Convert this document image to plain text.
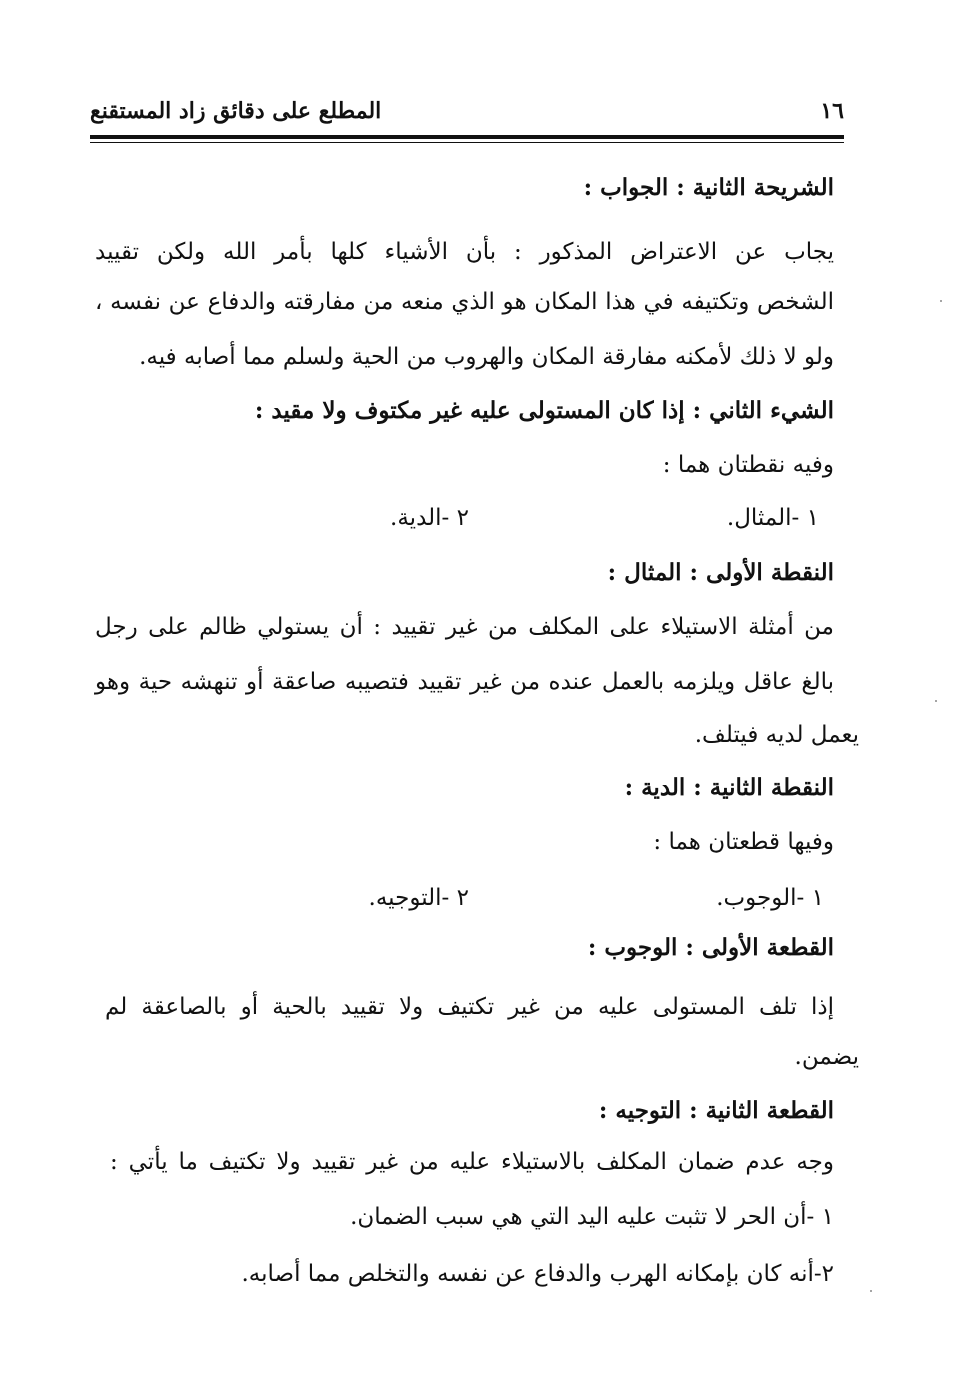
١٦
المطلع على دقائق زاد المستقنع
الشريحة الثانية : الجواب :
يجاب عن الاعتراض المذكور : بأن الأشياء كلها بأمر الله ولكن تقييد
الشخص وتكتيفه في هذا المكان هو الذي منعه من مفارقته والدفاع عن نفسه ،
ولو لا ذلك لأمكنه مفارقة المكان والهروب من الحية ولسلم مما أصابه فيه.
الشيء الثاني : إذا كان المستولى عليه غير مكتوف ولا مقيد :
وفيه نقطتان هما :
١ -المثال.
٢ -الدية.
النقطة الأولى : المثال :
من أمثلة الاستيلاء على المكلف من غير تقييد : أن يستولي ظالم على رجل
بالغ عاقل ويلزمه بالعمل عنده من غير تقييد فتصيبه صاعقة أو تنهشه حية وهو
يعمل لديه فيتلف.
النقطة الثانية : الدية :
وفيها قطعتان هما :
١ -الوجوب.
٢ -التوجيه.
القطعة الأولى : الوجوب :
إذا تلف المستولى عليه من غير تكتيف ولا تقييد بالحية أو بالصاعقة لم
يضمن.
القطعة الثانية : التوجيه :
وجه عدم ضمان المكلف بالاستيلاء عليه من غير تقييد ولا تكتيف ما يأتي :
١ -أن الحر لا تثبت عليه اليد التي هي سبب الضمان.
٢-أنه كان بإمكانه الهرب والدفاع عن نفسه والتخلص مما أصابه.
